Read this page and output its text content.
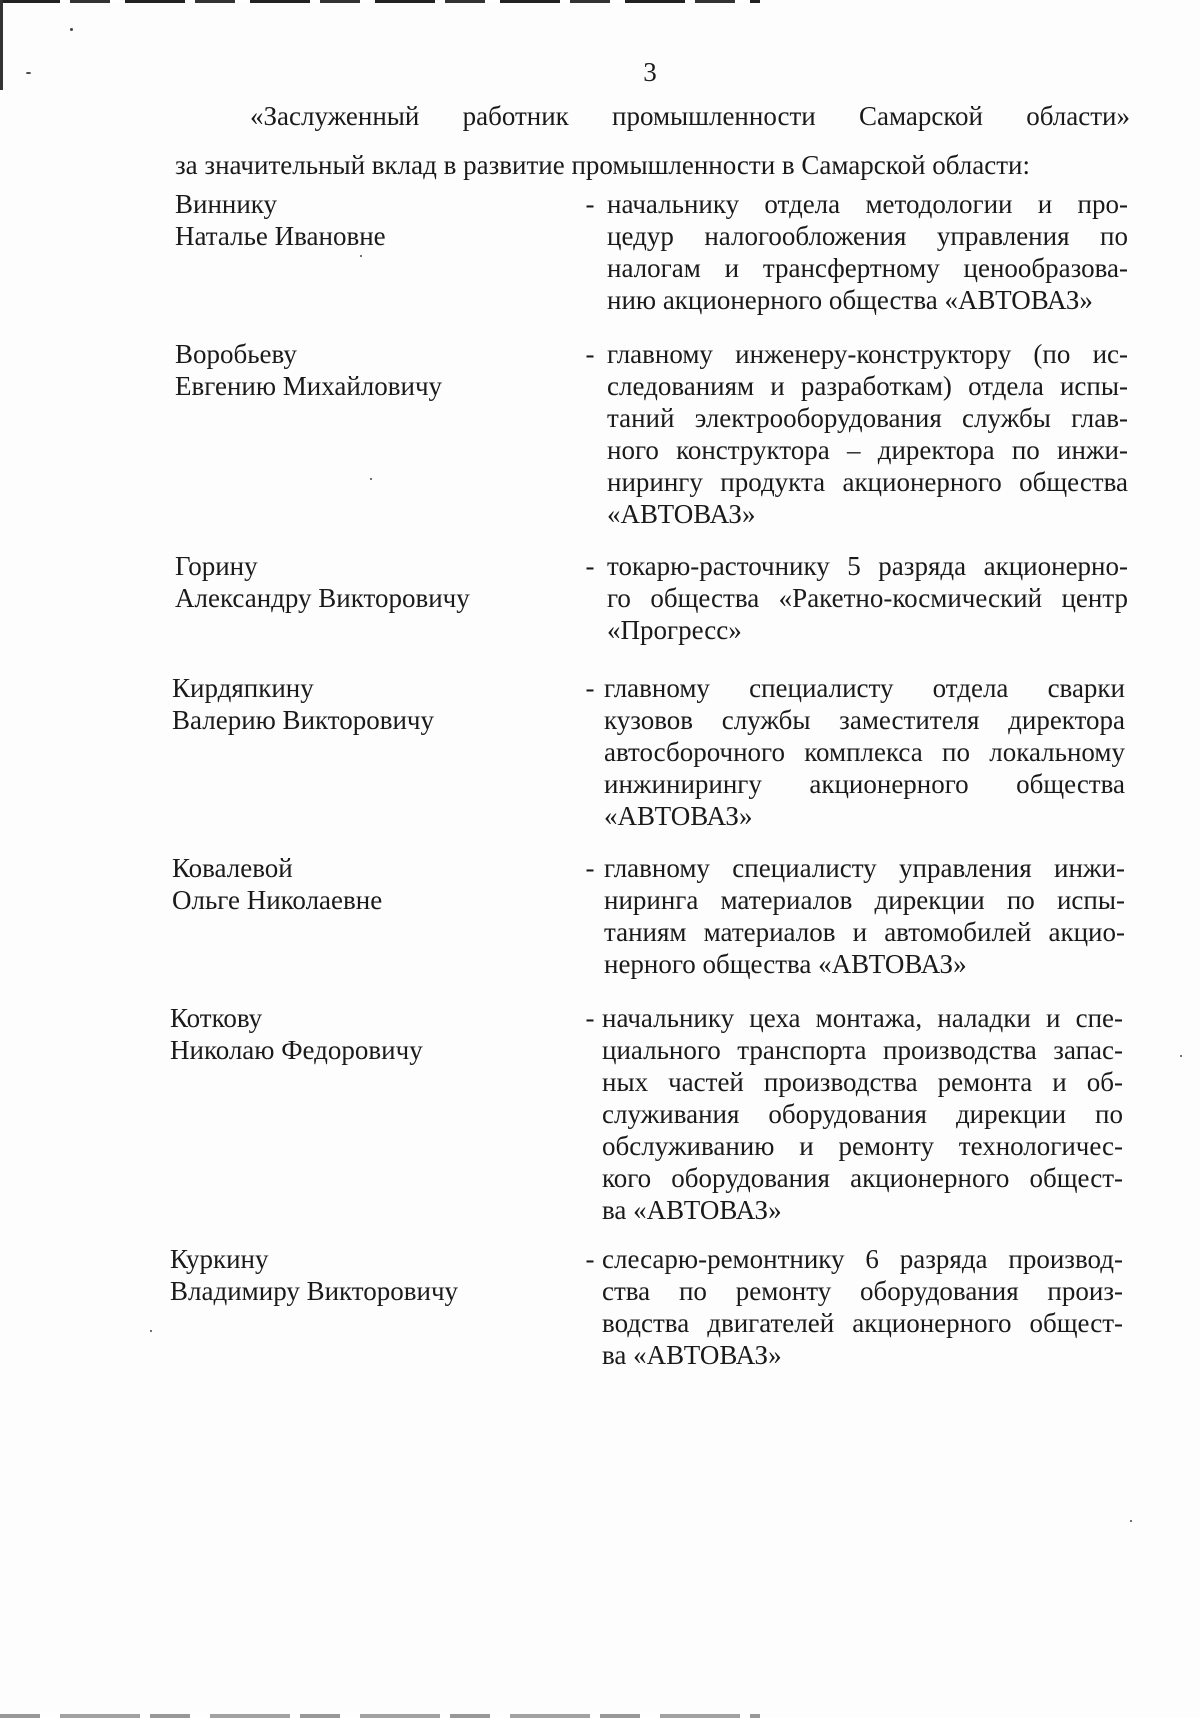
3
«Заслуженный работник промышленности Самарской области»
за значительный вклад в развитие промышленности в Самарской области:
Виннику
Наталье Ивановне
- начальнику отдела методологии и про-
цедур налогообложения управления по
налогам и трансфертному ценообразова-
нию акционерного общества «АВТОВАЗ»
Воробьеву
Евгению Михайловичу
- главному инженеру-конструктору (по ис-
следованиям и разработкам) отдела испы-
таний электрооборудования службы глав-
ного конструктора – директора по инжи-
нирингу продукта акционерного общества
«АВТОВАЗ»
Горину
Александру Викторовичу
- токарю-расточнику 5 разряда акционерно-
го общества «Ракетно-космический центр
«Прогресс»
Кирдяпкину
Валерию Викторовичу
- главному специалисту отдела сварки
кузовов службы заместителя директора
автосборочного комплекса по локальному
инжинирингу акционерного общества
«АВТОВАЗ»
Ковалевой
Ольге Николаевне
- главному специалисту управления инжи-
ниринга материалов дирекции по испы-
таниям материалов и автомобилей акцио-
нерного общества «АВТОВАЗ»
Коткову
Николаю Федоровичу
- начальнику цеха монтажа, наладки и спе-
циального транспорта производства запас-
ных частей производства ремонта и об-
служивания оборудования дирекции по
обслуживанию и ремонту технологичес-
кого оборудования акционерного общест-
ва «АВТОВАЗ»
Куркину
Владимиру Викторовичу
- слесарю-ремонтнику 6 разряда производ-
ства по ремонту оборудования произ-
водства двигателей акционерного общест-
ва «АВТОВАЗ»
